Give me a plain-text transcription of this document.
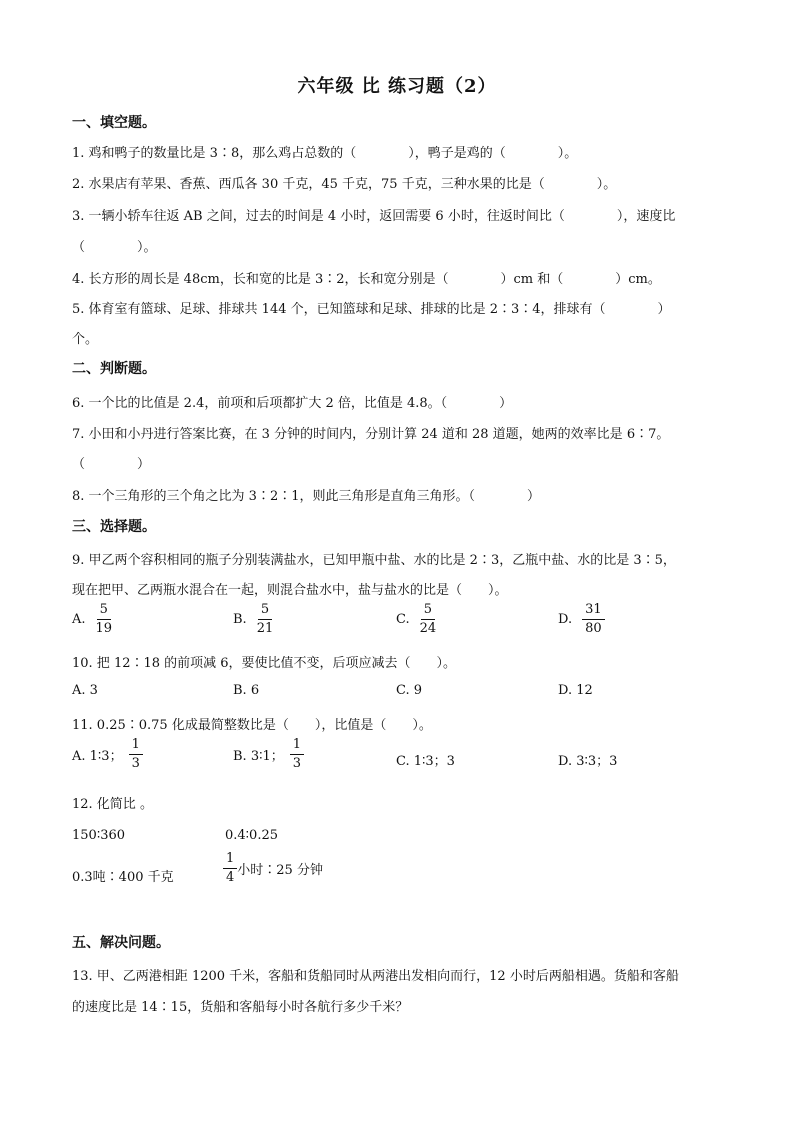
六年级 比 练习题（2）
一、填空题。
1. 鸡和鸭子的数量比是 3∶8，那么鸡占总数的（　　　　），鸭子是鸡的（　　　　）。
2. 水果店有苹果、香蕉、西瓜各 30 千克，45 千克，75 千克，三种水果的比是（　　　　）。
3. 一辆小轿车往返 AB 之间，过去的时间是 4 小时，返回需要 6 小时，往返时间比（　　　　），速度比
（　　　　）。
4. 长方形的周长是 48cm，长和宽的比是 3∶2，长和宽分别是（　　　　）cm 和（　　　　）cm。
5. 体育室有篮球、足球、排球共 144 个，已知篮球和足球、排球的比是 2∶3∶4，排球有（　　　　）
个。
二、判断题。
6. 一个比的比值是 2.4，前项和后项都扩大 2 倍，比值是 4.8。（　　　　）
7. 小田和小丹进行答案比赛，在 3 分钟的时间内，分别计算 24 道和 28 道题，她两的效率比是 6∶7。
（　　　　）
8. 一个三角形的三个角之比为 3∶2∶1，则此三角形是直角三角形。（　　　　）
三、选择题。
9. 甲乙两个容积相同的瓶子分别装满盐水，已知甲瓶中盐、水的比是 2∶3，乙瓶中盐、水的比是 3∶5，
现在把甲、乙两瓶水混合在一起，则混合盐水中，盐与盐水的比是（　　）。
A. $\frac{5}{19}$	B. $\frac{5}{21}$	C. $\frac{5}{24}$	D. $\frac{31}{80}$
10. 把 12∶18 的前项减 6，要使比值不变，后项应减去（　　）。
A. 3	B. 6	C. 9	D. 12
11. 0.25∶0.75 化成最简整数比是（　　），比值是（　　）。
A. 1∶3； $\frac{1}{3}$	B. 3∶1； $\frac{1}{3}$	C. 1∶3；3	D. 3∶3；3
12. 化简比 。
150∶360	0.4∶0.25
0.3吨∶400 千克	$\frac{1}{4}$ 小时∶25 分钟
五、解决问题。
13. 甲、乙两港相距 1200 千米，客船和货船同时从两港出发相向而行，12 小时后两船相遇。货船和客船
的速度比是 14∶15，货船和客船每小时各航行多少千米？
